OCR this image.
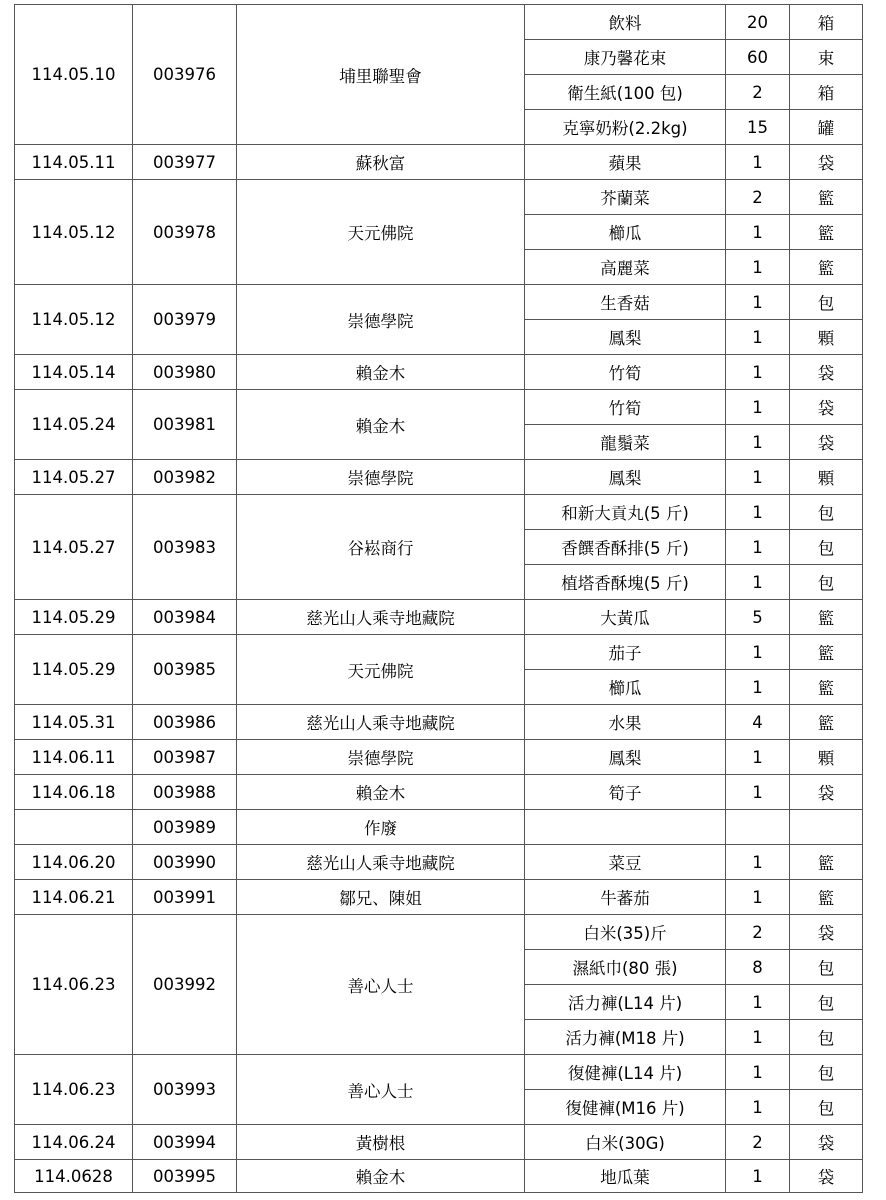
114.05.10	003976	埔里聯聖會	飲料	20	箱
			康乃馨花束	60	束
			衛生紙(100 包)	2	箱
			克寧奶粉(2.2kg)	15	罐
114.05.11	003977	蘇秋富	蘋果	1	袋
114.05.12	003978	天元佛院	芥蘭菜	2	籃
			櫛瓜	1	籃
			高麗菜	1	籃
114.05.12	003979	崇德學院	生香菇	1	包
			鳳梨	1	顆
114.05.14	003980	賴金木	竹筍	1	袋
114.05.24	003981	賴金木	竹筍	1	袋
			龍鬚菜	1	袋
114.05.27	003982	崇德學院	鳳梨	1	顆
114.05.27	003983	谷崧商行	和新大貢丸(5 斤)	1	包
			香饌香酥排(5 斤)	1	包
			植塔香酥塊(5 斤)	1	包
114.05.29	003984	慈光山人乘寺地藏院	大黃瓜	5	籃
114.05.29	003985	天元佛院	茄子	1	籃
			櫛瓜	1	籃
114.05.31	003986	慈光山人乘寺地藏院	水果	4	籃
114.06.11	003987	崇德學院	鳳梨	1	顆
114.06.18	003988	賴金木	筍子	1	袋
	003989	作廢			
114.06.20	003990	慈光山人乘寺地藏院	菜豆	1	籃
114.06.21	003991	鄒兄、陳姐	牛蕃茄	1	籃
114.06.23	003992	善心人士	白米(35)斤	2	袋
			濕紙巾(80 張)	8	包
			活力褲(L14 片)	1	包
			活力褲(M18 片)	1	包
114.06.23	003993	善心人士	復健褲(L14 片)	1	包
			復健褲(M16 片)	1	包
114.06.24	003994	黃樹根	白米(30G)	2	袋
114.0628	003995	賴金木	地瓜葉	1	袋
